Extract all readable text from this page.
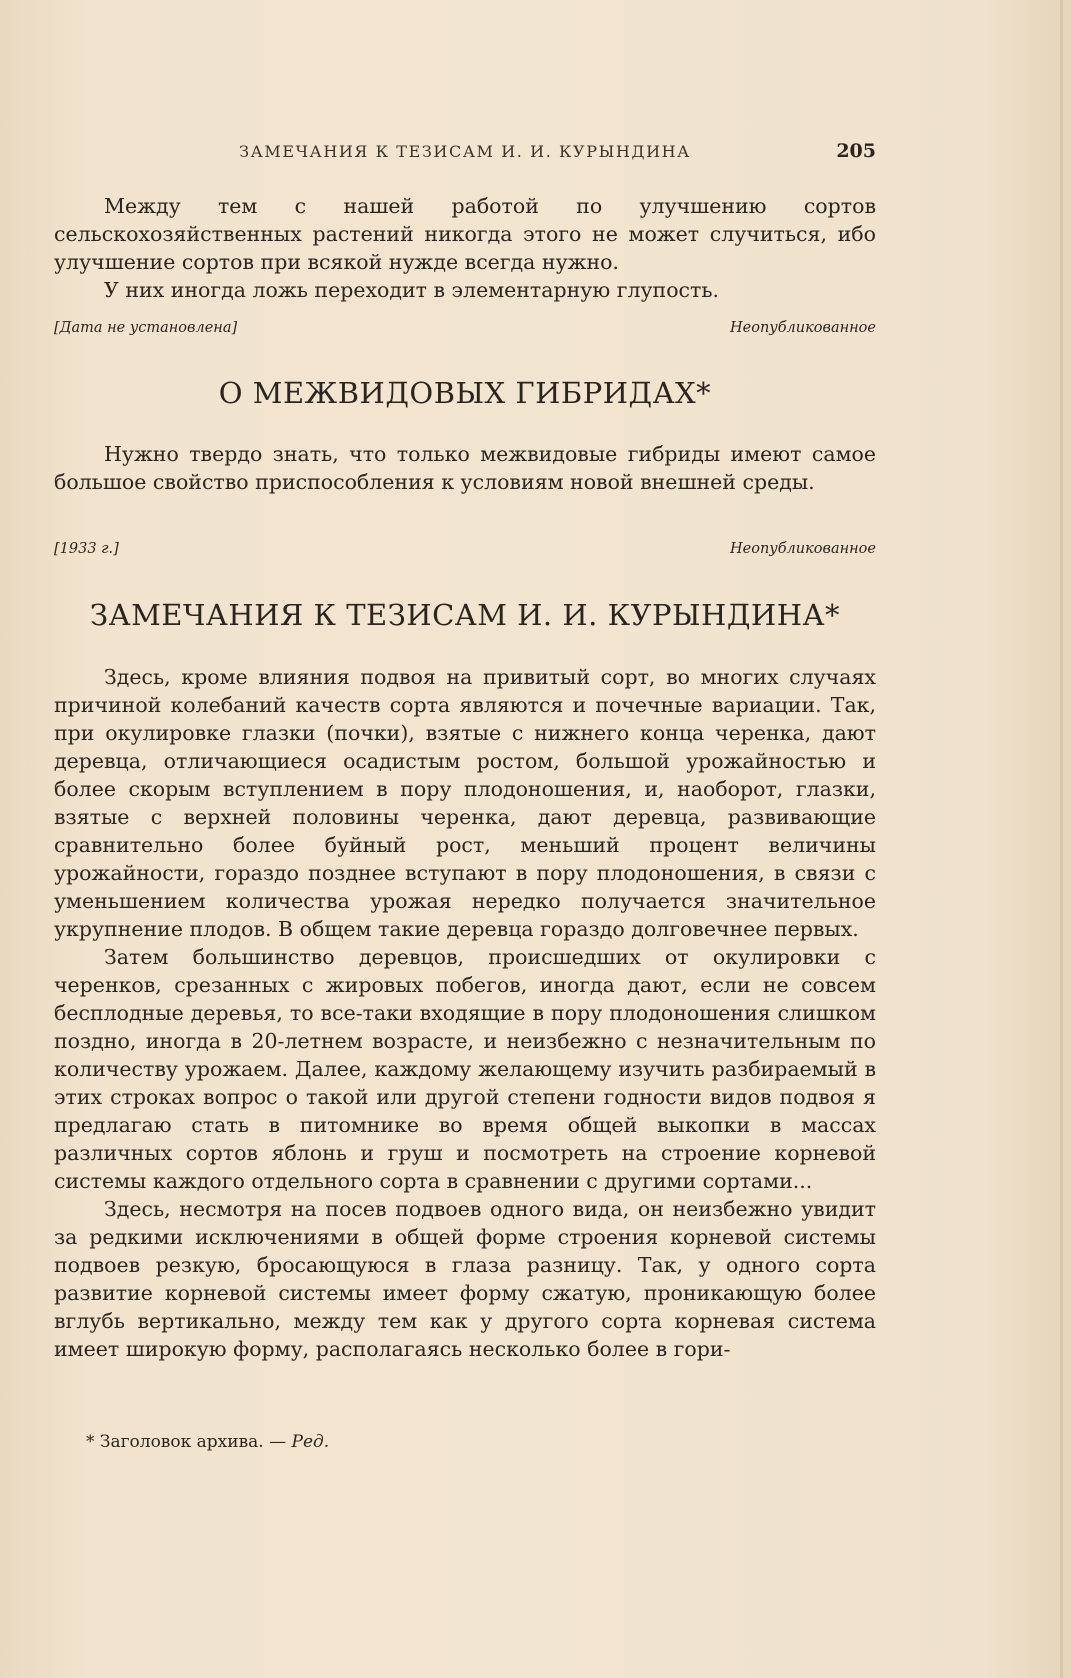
ЗАМЕЧАНИЯ К ТЕЗИСАМ И. И. КУРЫНДИНА	205

Между тем с нашей работой по улучшению сортов сельскохозяйственных растений никогда этого не может случиться, ибо улучшение сортов при всякой нужде всегда нужно.

У них иногда ложь переходит в элементарную глупость.

[Дата не установлена]	Неопубликованное
О МЕЖВИДОВЫХ ГИБРИДАХ*

Нужно твердо знать, что только межвидовые гибриды имеют самое большое свойство приспособления к условиям новой внешней среды.

[1933 г.]	Неопубликованное
ЗАМЕЧАНИЯ К ТЕЗИСАМ И. И. КУРЫНДИНА*

Здесь, кроме влияния подвоя на привитый сорт, во многих случаях причиной колебаний качеств сорта являются и почечные вариации. Так, при окулировке глазки (почки), взятые с нижнего конца черенка, дают деревца, отличающиеся осадистым ростом, большой урожайностью и более скорым вступлением в пору плодоношения, и, наоборот, глазки, взятые с верхней половины черенка, дают деревца, развивающие сравнительно более буйный рост, меньший процент величины урожайности, гораздо позднее вступают в пору плодоношения, в связи с уменьшением количества урожая нередко получается значительное укрупнение плодов. В общем такие деревца гораздо долговечнее первых.

Затем большинство деревцов, происшедших от окулировки с черенков, срезанных с жировых побегов, иногда дают, если не совсем бесплодные деревья, то все-таки входящие в пору плодоношения слишком поздно, иногда в 20-летнем возрасте, и неизбежно с незначительным по количеству урожаем. Далее, каждому желающему изучить разбираемый в этих строках вопрос о такой или другой степени годности видов подвоя я предлагаю стать в питомнике во время общей выкопки в массах различных сортов яблонь и груш и посмотреть на строение корневой системы каждого отдельного сорта в сравнении с другими сортами...

Здесь, несмотря на посев подвоев одного вида, он неизбежно увидит за редкими исключениями в общей форме строения корневой системы подвоев резкую, бросающуюся в глаза разницу. Так, у одного сорта развитие корневой системы имеет форму сжатую, проникающую более вглубь вертикально, между тем как у другого сорта корневая система имеет широкую форму, располагаясь несколько более в гори-

* Заголовок архива. — Ред.
